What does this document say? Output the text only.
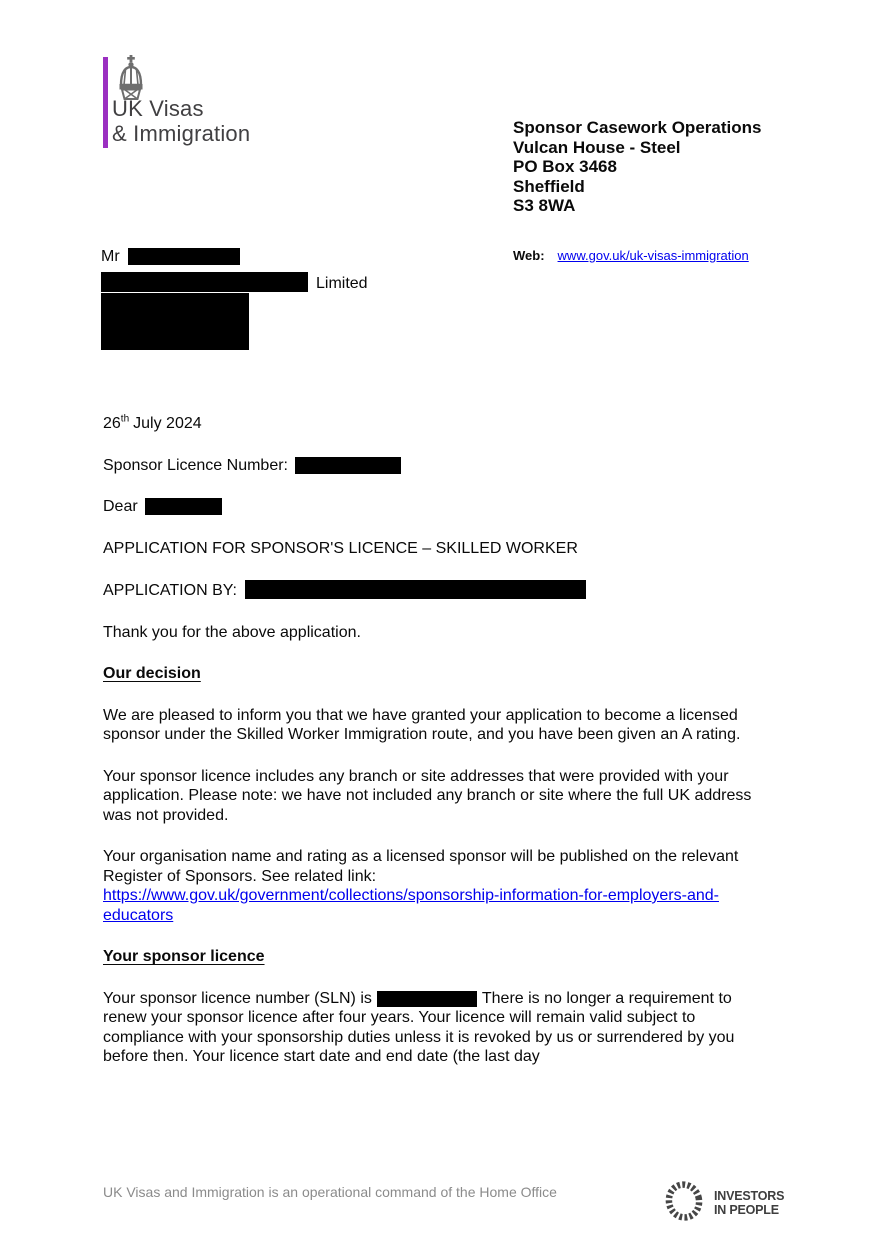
UK Visas
& Immigration	Sponsor Casework Operations
Vulcan House - Steel
PO Box 3468
Sheffield
S3 8WA
Web: www.gov.uk/uk-visas-immigration
Mr
Limited

26th July 2024

Sponsor Licence Number:

Dear

APPLICATION FOR SPONSOR'S LICENCE – SKILLED WORKER

APPLICATION BY:

Thank you for the above application.

Our decision

We are pleased to inform you that we have granted your application to become a licensed sponsor under the Skilled Worker Immigration route, and you have been given an A rating.

Your sponsor licence includes any branch or site addresses that were provided with your application. Please note: we have not included any branch or site where the full UK address was not provided.

Your organisation name and rating as a licensed sponsor will be published on the relevant Register of Sponsors. See related link: https://www.gov.uk/government/collections/sponsorship-information-for-employers-and-educators

Your sponsor licence

Your sponsor licence number (SLN) is	There is no longer a requirement to renew your sponsor licence after four years. Your licence will remain valid subject to compliance with your sponsorship duties unless it is revoked by us or surrendered by you before then. Your licence start date and end date (the last day

UK Visas and Immigration is an operational command of the Home Office	INVESTORS
IN PEOPLE
